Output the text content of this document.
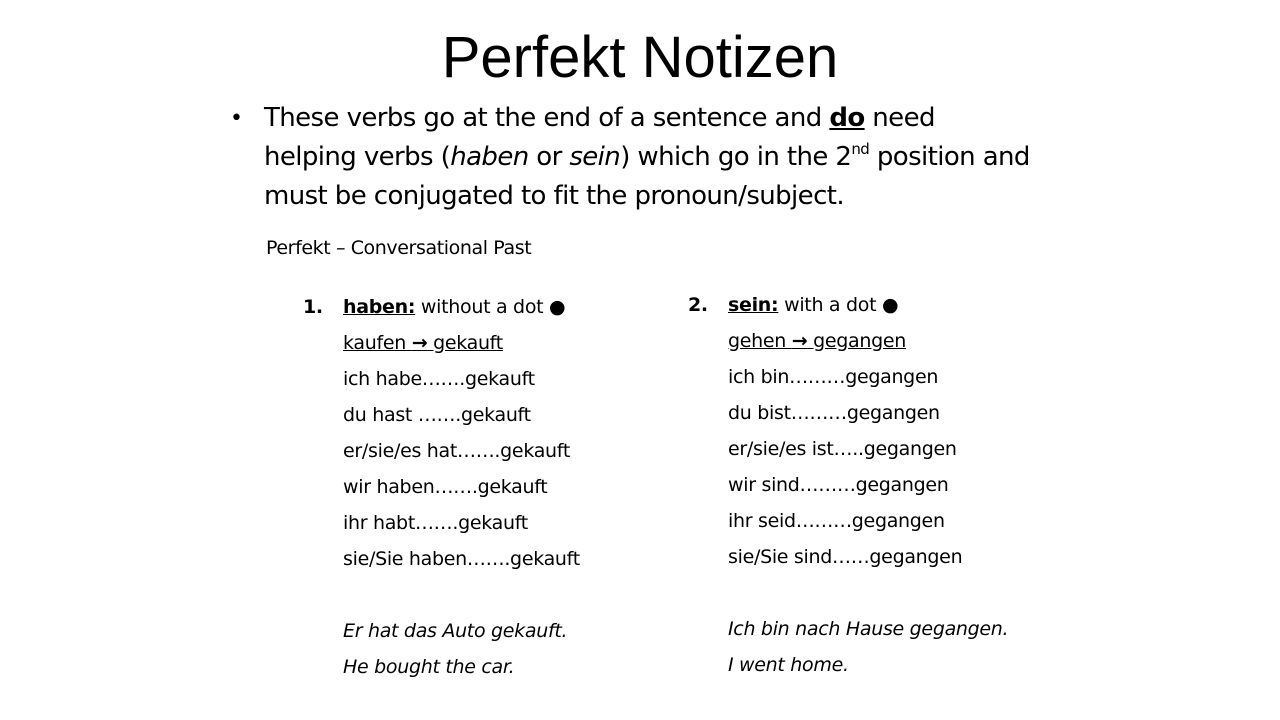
Perfekt Notizen
• These verbs go at the end of a sentence and do need helping verbs (haben or sein) which go in the 2nd position and must be conjugated to fit the pronoun/subject.
Perfekt – Conversational Past
1. haben: without a dot ●
kaufen → gekauft
ich habe…….gekauft
du hast …….gekauft
er/sie/es hat…….gekauft
wir haben…….gekauft
ihr habt…….gekauft
sie/Sie haben…….gekauft
Er hat das Auto gekauft.
He bought the car.
2. sein: with a dot ●
gehen → gegangen
ich bin………gegangen
du bist………gegangen
er/sie/es ist…..gegangen
wir sind………gegangen
ihr seid………gegangen
sie/Sie sind……gegangen
Ich bin nach Hause gegangen.
I went home.
